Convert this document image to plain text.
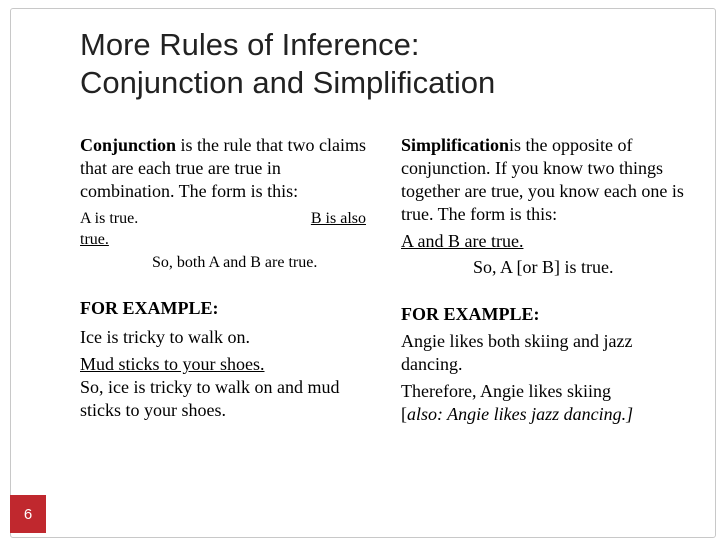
More Rules of Inference:
Conjunction and Simplification

Conjunction is the rule that two claims that are each true are true in combination. The form is this:

A is true.	B is also

true.

So, both A and B are true.

FOR EXAMPLE:

Ice is tricky to walk on.

Mud sticks to your shoes.

So, ice is tricky to walk on and mud sticks to your shoes.

Simplificationis the opposite of conjunction. If you know two things together are true, you know each one is true. The form is this:

A and B are true.

So, A [or B] is true.

FOR EXAMPLE:

Angie likes both skiing and jazz dancing.

Therefore, Angie likes skiing

[also: Angie likes jazz dancing.]

6
